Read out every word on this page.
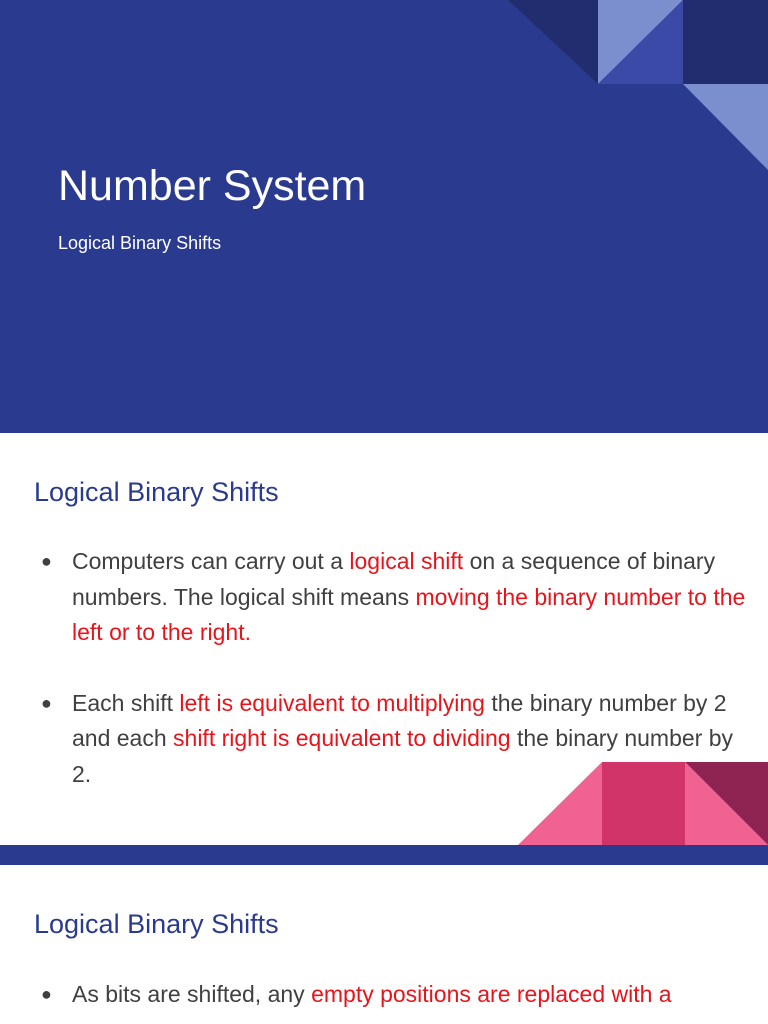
Number System

Logical Binary Shifts

Logical Binary Shifts
● Computers can carry out a logical shift on a sequence of binary numbers. The logical shift means moving the binary number to the left or to the right.
● Each shift left is equivalent to multiplying the binary number by 2 and each shift right is equivalent to dividing the binary number by 2.
Logical Binary Shifts
● As bits are shifted, any empty positions are replaced with a
